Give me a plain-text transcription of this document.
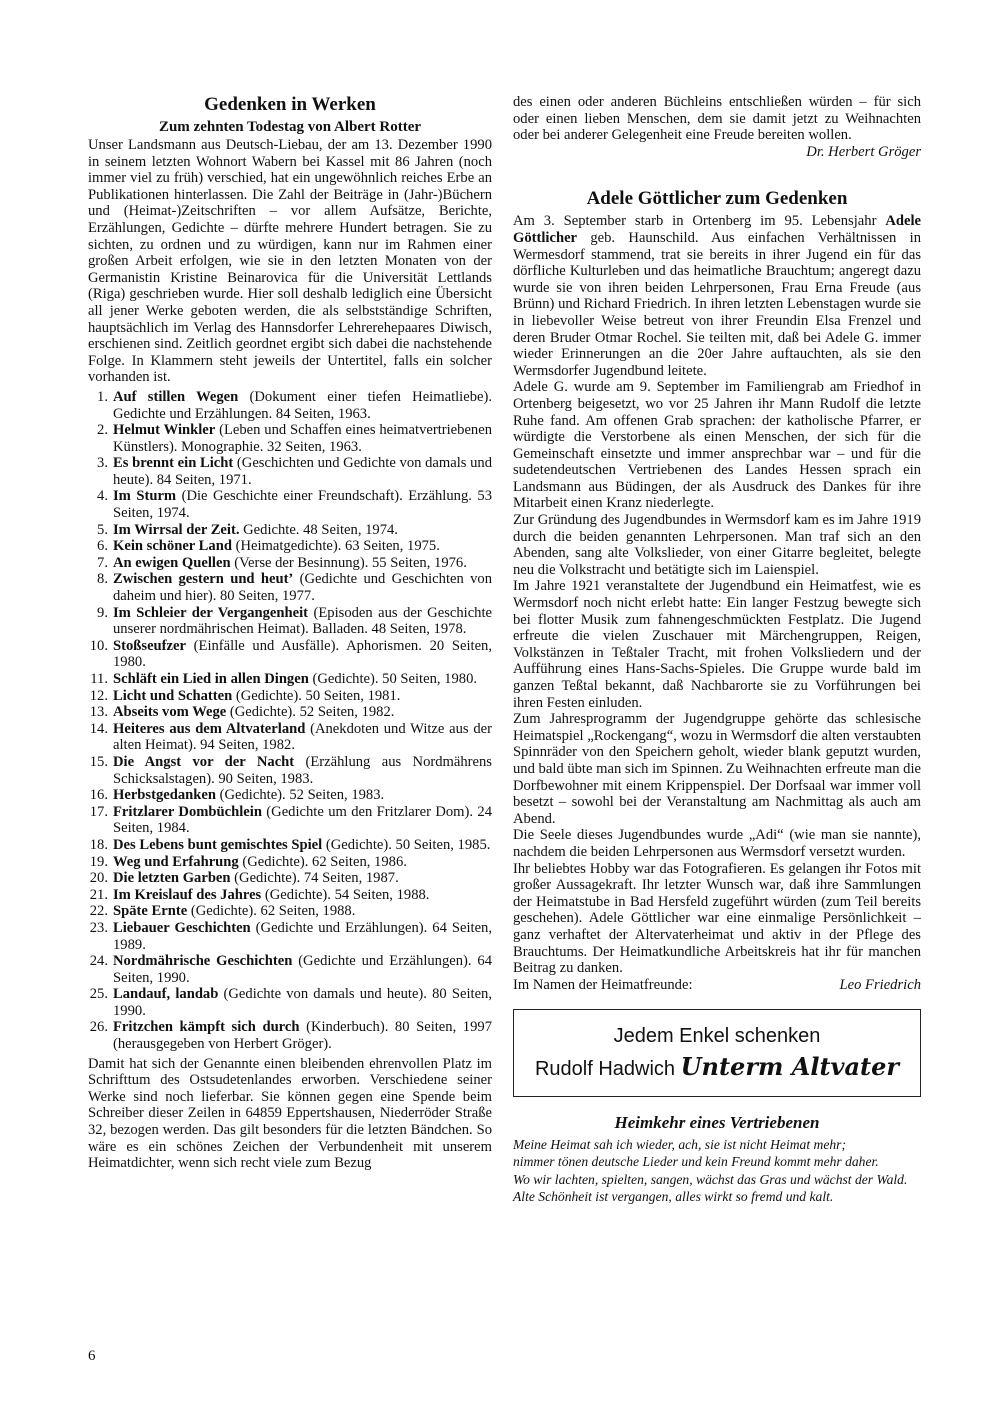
Gedenken in Werken
Zum zehnten Todestag von Albert Rotter

Unser Landsmann aus Deutsch-Liebau, der am 13. Dezember 1990 in seinem letzten Wohnort Wabern bei Kassel mit 86 Jahren (noch immer viel zu früh) verschied, hat ein ungewöhnlich reiches Erbe an Publikationen hinterlassen. Die Zahl der Beiträge in (Jahr-)Büchern und (Heimat-)Zeitschriften – vor allem Aufsätze, Berichte, Erzählungen, Gedichte – dürfte mehrere Hundert betragen. Sie zu sichten, zu ordnen und zu würdigen, kann nur im Rahmen einer großen Arbeit erfolgen, wie sie in den letzten Monaten von der Germanistin Kristine Beinarovica für die Universität Lettlands (Riga) geschrieben wurde. Hier soll deshalb lediglich eine Übersicht all jener Werke geboten werden, die als selbstständige Schriften, hauptsächlich im Verlag des Hannsdorfer Lehrerehepaares Diwisch, erschienen sind. Zeitlich geordnet ergibt sich dabei die nachstehende Folge. In Klammern steht jeweils der Untertitel, falls ein solcher vorhanden ist.

1. Auf stillen Wegen (Dokument einer tiefen Heimatliebe). Gedichte und Erzählungen. 84 Seiten, 1963.
2. Helmut Winkler (Leben und Schaffen eines heimatvertriebenen Künstlers). Monographie. 32 Seiten, 1963.
3. Es brennt ein Licht (Geschichten und Gedichte von damals und heute). 84 Seiten, 1971.
4. Im Sturm (Die Geschichte einer Freundschaft). Erzählung. 53 Seiten, 1974.
5. Im Wirrsal der Zeit. Gedichte. 48 Seiten, 1974.
6. Kein schöner Land (Heimatgedichte). 63 Seiten, 1975.
7. An ewigen Quellen (Verse der Besinnung). 55 Seiten, 1976.
8. Zwischen gestern und heut’ (Gedichte und Geschichten von daheim und hier). 80 Seiten, 1977.
9. Im Schleier der Vergangenheit (Episoden aus der Geschichte unserer nordmährischen Heimat). Balladen. 48 Seiten, 1978.
10. Stoßseufzer (Einfälle und Ausfälle). Aphorismen. 20 Seiten, 1980.
11. Schläft ein Lied in allen Dingen (Gedichte). 50 Seiten, 1980.
12. Licht und Schatten (Gedichte). 50 Seiten, 1981.
13. Abseits vom Wege (Gedichte). 52 Seiten, 1982.
14. Heiteres aus dem Altvaterland (Anekdoten und Witze aus der alten Heimat). 94 Seiten, 1982.
15. Die Angst vor der Nacht (Erzählung aus Nordmährens Schicksalstagen). 90 Seiten, 1983.
16. Herbstgedanken (Gedichte). 52 Seiten, 1983.
17. Fritzlarer Dombüchlein (Gedichte um den Fritzlarer Dom). 24 Seiten, 1984.
18. Des Lebens bunt gemischtes Spiel (Gedichte). 50 Seiten, 1985.
19. Weg und Erfahrung (Gedichte). 62 Seiten, 1986.
20. Die letzten Garben (Gedichte). 74 Seiten, 1987.
21. Im Kreislauf des Jahres (Gedichte). 54 Seiten, 1988.
22. Späte Ernte (Gedichte). 62 Seiten, 1988.
23. Liebauer Geschichten (Gedichte und Erzählungen). 64 Seiten, 1989.
24. Nordmährische Geschichten (Gedichte und Erzählungen). 64 Seiten, 1990.
25. Landauf, landab (Gedichte von damals und heute). 80 Seiten, 1990.
26. Fritzchen kämpft sich durch (Kinderbuch). 80 Seiten, 1997 (herausgegeben von Herbert Gröger).

Damit hat sich der Genannte einen bleibenden ehrenvollen Platz im Schrifttum des Ostsudetenlandes erworben. Verschiedene seiner Werke sind noch lieferbar. Sie können gegen eine Spende beim Schreiber dieser Zeilen in 64859 Eppertshausen, Niederröder Straße 32, bezogen werden. Das gilt besonders für die letzten Bändchen. So wäre es ein schönes Zeichen der Verbundenheit mit unserem Heimatdichter, wenn sich recht viele zum Bezug

des einen oder anderen Büchleins entschließen würden – für sich oder einen lieben Menschen, dem sie damit jetzt zu Weihnachten oder bei anderer Gelegenheit eine Freude bereiten wollen.

Dr. Herbert Gröger
Adele Göttlicher zum Gedenken

Am 3. September starb in Ortenberg im 95. Lebensjahr Adele Göttlicher geb. Haunschild. Aus einfachen Verhältnissen in Wermesdorf stammend, trat sie bereits in ihrer Jugend ein für das dörfliche Kulturleben und das heimatliche Brauchtum; angeregt dazu wurde sie von ihren beiden Lehrpersonen, Frau Erna Freude (aus Brünn) und Richard Friedrich. In ihren letzten Lebenstagen wurde sie in liebevoller Weise betreut von ihrer Freundin Elsa Frenzel und deren Bruder Otmar Rochel. Sie teilten mit, daß bei Adele G. immer wieder Erinnerungen an die 20er Jahre auftauchten, als sie den Wermsdorfer Jugendbund leitete.

Adele G. wurde am 9. September im Familiengrab am Friedhof in Ortenberg beigesetzt, wo vor 25 Jahren ihr Mann Rudolf die letzte Ruhe fand. Am offenen Grab sprachen: der katholische Pfarrer, er würdigte die Verstorbene als einen Menschen, der sich für die Gemeinschaft einsetzte und immer ansprechbar war – und für die sudetendeutschen Vertriebenen des Landes Hessen sprach ein Landsmann aus Büdingen, der als Ausdruck des Dankes für ihre Mitarbeit einen Kranz niederlegte.

Zur Gründung des Jugendbundes in Wermsdorf kam es im Jahre 1919 durch die beiden genannten Lehrpersonen. Man traf sich an den Abenden, sang alte Volkslieder, von einer Gitarre begleitet, belegte neu die Volkstracht und betätigte sich im Laienspiel.

Im Jahre 1921 veranstaltete der Jugendbund ein Heimatfest, wie es Wermsdorf noch nicht erlebt hatte: Ein langer Festzug bewegte sich bei flotter Musik zum fahnengeschmückten Festplatz. Die Jugend erfreute die vielen Zuschauer mit Märchengruppen, Reigen, Volkstänzen in Teßtaler Tracht, mit frohen Volksliedern und der Aufführung eines Hans-Sachs-Spieles. Die Gruppe wurde bald im ganzen Teßtal bekannt, daß Nachbarorte sie zu Vorführungen bei ihren Festen einluden.

Zum Jahresprogramm der Jugendgruppe gehörte das schlesische Heimatspiel „Rockengang“, wozu in Wermsdorf die alten verstaubten Spinnräder von den Speichern geholt, wieder blank geputzt wurden, und bald übte man sich im Spinnen. Zu Weihnachten erfreute man die Dorfbewohner mit einem Krippenspiel. Der Dorfsaal war immer voll besetzt – sowohl bei der Veranstaltung am Nachmittag als auch am Abend.

Die Seele dieses Jugendbundes wurde „Adi“ (wie man sie nannte), nachdem die beiden Lehrpersonen aus Wermsdorf versetzt wurden.

Ihr beliebtes Hobby war das Fotografieren. Es gelangen ihr Fotos mit großer Aussagekraft. Ihr letzter Wunsch war, daß ihre Sammlungen der Heimatstube in Bad Hersfeld zugeführt würden (zum Teil bereits geschehen). Adele Göttlicher war eine einmalige Persönlichkeit – ganz verhaftet der Altervaterheimat und aktiv in der Pflege des Brauchtums. Der Heimatkundliche Arbeitskreis hat ihr für manchen Beitrag zu danken.

Im Namen der Heimatfreunde:	Leo Friedrich
Jedem Enkel schenken
Rudolf Hadwich Unterm Altvater
Heimkehr eines Vertriebenen
Meine Heimat sah ich wieder, ach, sie ist nicht Heimat mehr;
nimmer tönen deutsche Lieder und kein Freund kommt mehr daher.
Wo wir lachten, spielten, sangen, wächst das Gras und wächst der Wald.
Alte Schönheit ist vergangen, alles wirkt so fremd und kalt.
6
